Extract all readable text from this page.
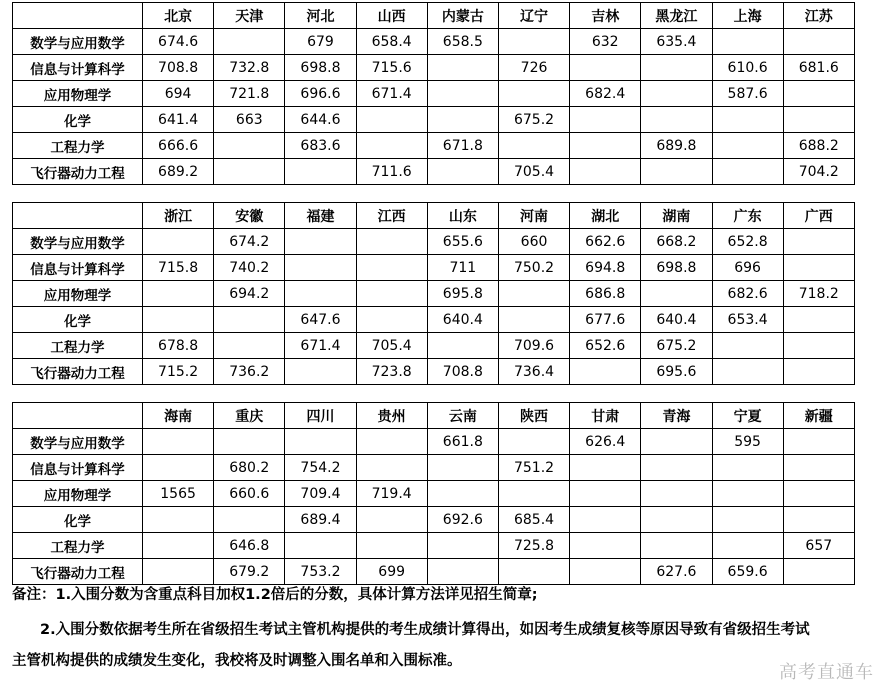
	北京	天津	河北	山西	内蒙古	辽宁	吉林	黑龙江	上海	江苏
数学与应用数学	674.6		679	658.4	658.5		632	635.4		
信息与计算科学	708.8	732.8	698.8	715.6		726			610.6	681.6
应用物理学	694	721.8	696.6	671.4			682.4		587.6	
化学	641.4	663	644.6			675.2				
工程力学	666.6		683.6		671.8			689.8		688.2
飞行器动力工程	689.2			711.6		705.4				704.2
	浙江	安徽	福建	江西	山东	河南	湖北	湖南	广东	广西
数学与应用数学		674.2			655.6	660	662.6	668.2	652.8	
信息与计算科学	715.8	740.2			711	750.2	694.8	698.8	696	
应用物理学		694.2			695.8		686.8		682.6	718.2
化学			647.6		640.4		677.6	640.4	653.4	
工程力学	678.8		671.4	705.4		709.6	652.6	675.2		
飞行器动力工程	715.2	736.2		723.8	708.8	736.4		695.6		
	海南	重庆	四川	贵州	云南	陕西	甘肃	青海	宁夏	新疆
数学与应用数学					661.8		626.4		595	
信息与计算科学		680.2	754.2			751.2				
应用物理学	1565	660.6	709.4	719.4						
化学			689.4		692.6	685.4				
工程力学		646.8				725.8				657
飞行器动力工程		679.2	753.2	699				627.6	659.6	
备注：1.入围分数为含重点科目加权1.2倍后的分数，具体计算方法详见招生简章;
2.入围分数依据考生所在省级招生考试主管机构提供的考生成绩计算得出，如因考生成绩复核等原因导致有省级招生考试
主管机构提供的成绩发生变化，我校将及时调整入围名单和入围标准。
高考直通车
